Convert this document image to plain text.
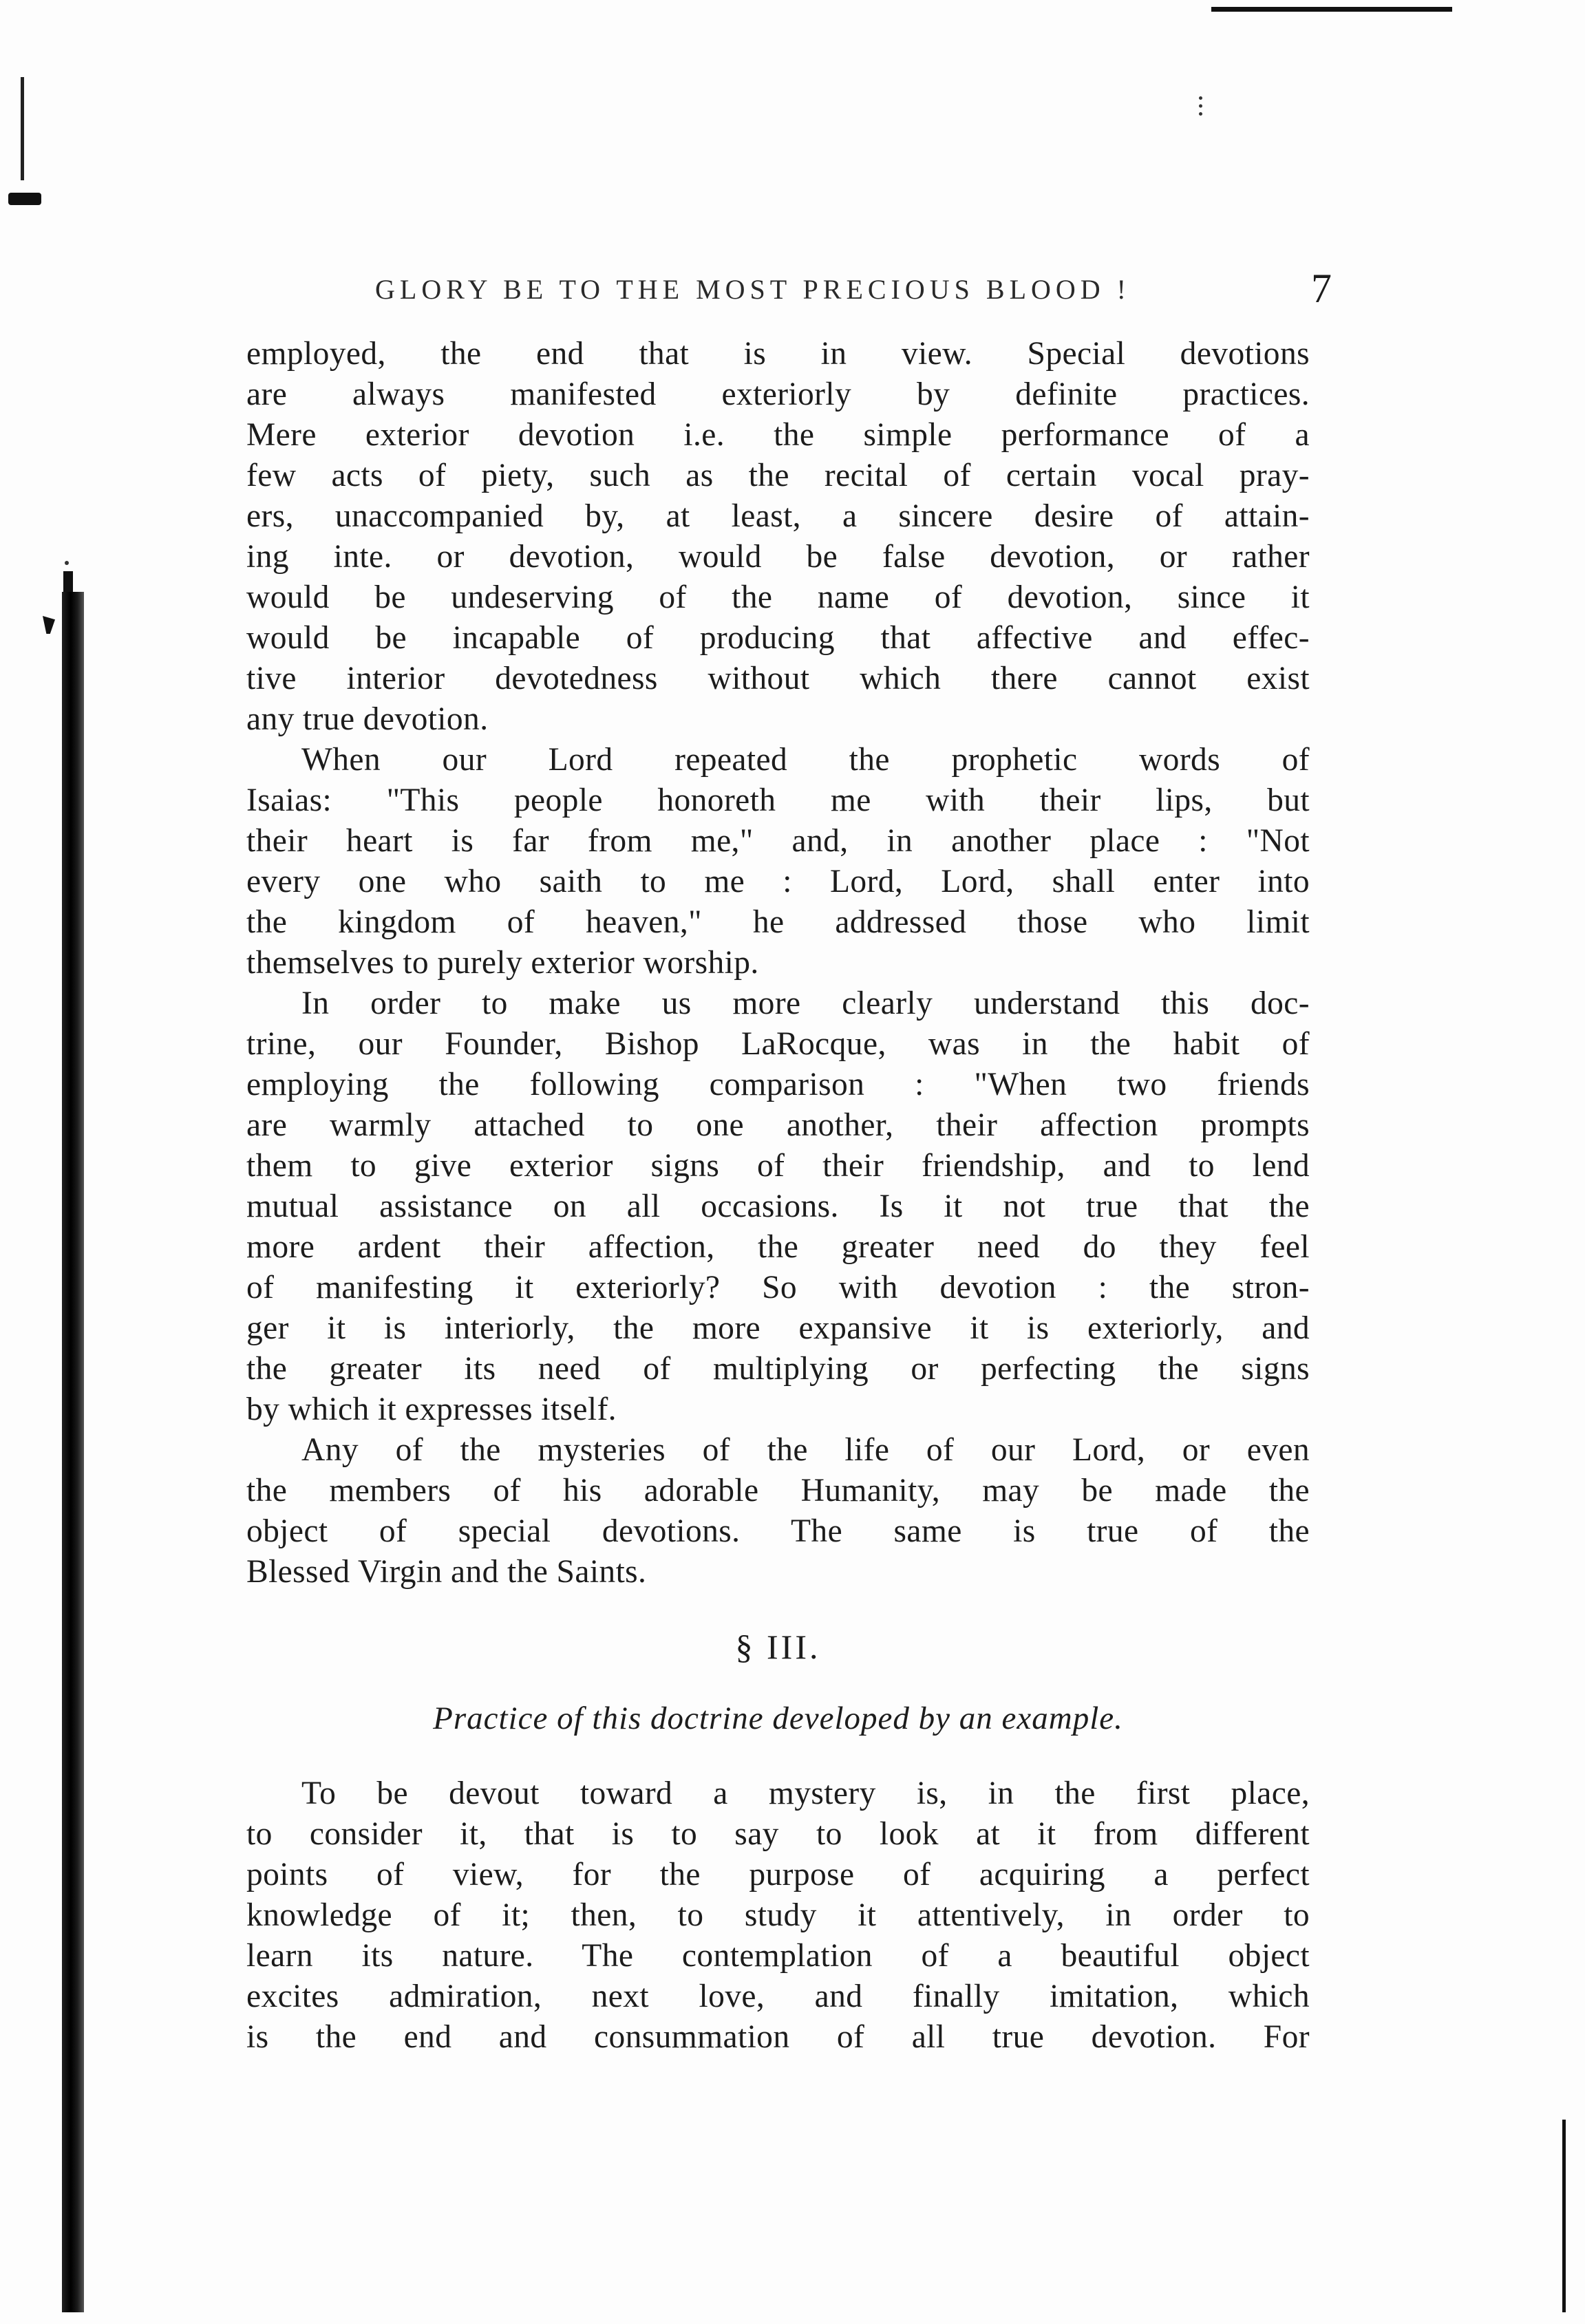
GLORY BE TO THE MOST PRECIOUS BLOOD !	7
employed, the end that is in view. Special devotions
are always manifested exteriorly by definite practices.
Mere exterior devotion i.e. the simple performance of a
few acts of piety, such as the recital of certain vocal pray-
ers, unaccompanied by, at least, a sincere desire of attain-
ing inte. or devotion, would be false devotion, or rather
would be undeserving of the name of devotion, since it
would be incapable of producing that affective and effec-
tive interior devotedness without which there cannot exist
any true devotion.
When our Lord repeated the prophetic words of
Isaias: "This people honoreth me with their lips, but
their heart is far from me," and, in another place : "Not
every one who saith to me : Lord, Lord, shall enter into
the kingdom of heaven," he addressed those who limit
themselves to purely exterior worship.
In order to make us more clearly understand this doc-
trine, our Founder, Bishop LaRocque, was in the habit of
employing the following comparison : "When two friends
are warmly attached to one another, their affection prompts
them to give exterior signs of their friendship, and to lend
mutual assistance on all occasions. Is it not true that the
more ardent their affection, the greater need do they feel
of manifesting it exteriorly? So with devotion : the stron-
ger it is interiorly, the more expansive it is exteriorly, and
the greater its need of multiplying or perfecting the signs
by which it expresses itself.
Any of the mysteries of the life of our Lord, or even
the members of his adorable Humanity, may be made the
object of special devotions. The same is true of the
Blessed Virgin and the Saints.
§ III.
Practice of this doctrine developed by an example.
To be devout toward a mystery is, in the first place,
to consider it, that is to say to look at it from different
points of view, for the purpose of acquiring a perfect
knowledge of it; then, to study it attentively, in order to
learn its nature. The contemplation of a beautiful object
excites admiration, next love, and finally imitation, which
is the end and consummation of all true devotion. For
